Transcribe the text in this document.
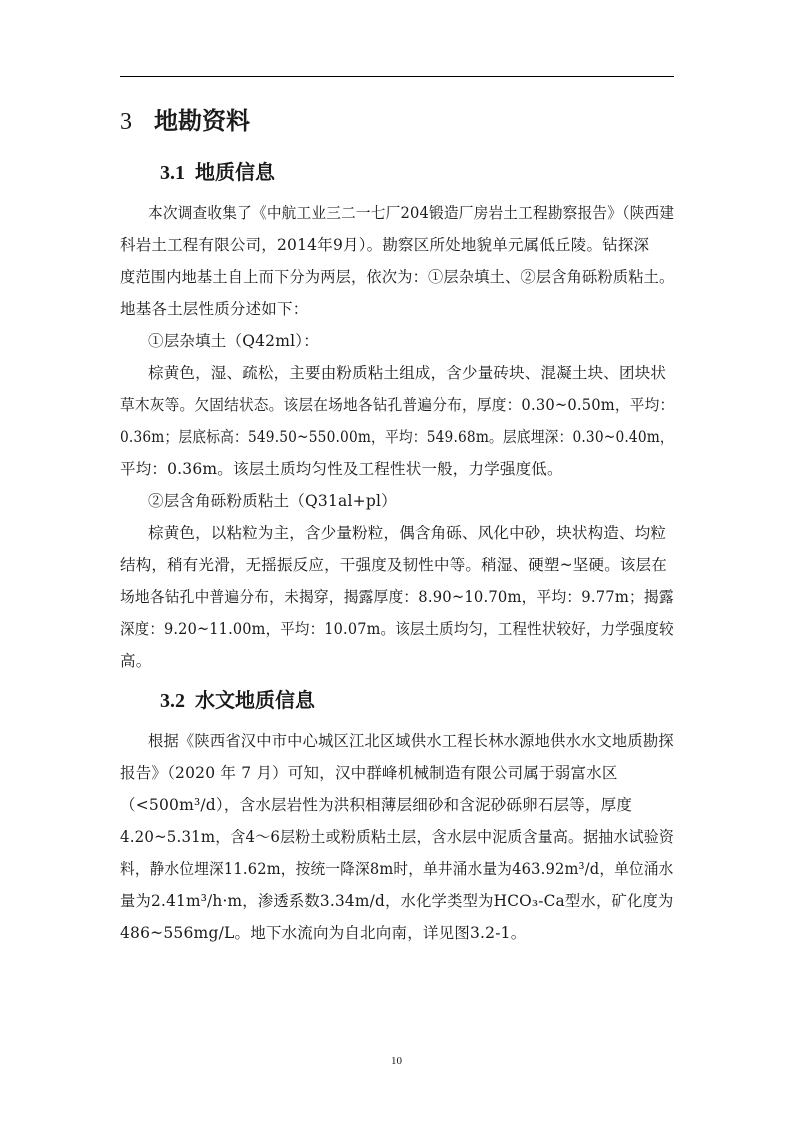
3 地勘资料
3.1 地质信息
本次调查收集了《中航工业三二一七厂204锻造厂房岩土工程勘察报告》（陕西建
科岩土工程有限公司，2014年9月）。勘察区所处地貌单元属低丘陵。钻探深
度范围内地基土自上而下分为两层，依次为：①层杂填土、②层含角砾粉质粘土。
地基各土层性质分述如下：
①层杂填土（Q42ml）：
棕黄色，湿、疏松，主要由粉质粘土组成，含少量砖块、混凝土块、团块状
草木灰等。欠固结状态。该层在场地各钻孔普遍分布，厚度：0.30~0.50m，平均：
0.36m；层底标高：549.50~550.00m，平均：549.68m。层底埋深：0.30~0.40m，
平均：0.36m。该层土质均匀性及工程性状一般，力学强度低。
②层含角砾粉质粘土（Q31al+pl）
棕黄色，以粘粒为主，含少量粉粒，偶含角砾、风化中砂，块状构造、均粒
结构，稍有光滑，无摇振反应，干强度及韧性中等。稍湿、硬塑~坚硬。该层在
场地各钻孔中普遍分布，未揭穿，揭露厚度：8.90~10.70m，平均：9.77m；揭露
深度：9.20~11.00m，平均：10.07m。该层土质均匀，工程性状较好，力学强度较
高。
3.2 水文地质信息
根据《陕西省汉中市中心城区江北区域供水工程长林水源地供水水文地质勘探
报告》（2020 年 7 月）可知，汉中群峰机械制造有限公司属于弱富水区
（<500m³/d），含水层岩性为洪积相薄层细砂和含泥砂砾卵石层等，厚度
4.20~5.31m，含4～6层粉土或粉质粘土层，含水层中泥质含量高。据抽水试验资
料，静水位埋深11.62m，按统一降深8m时，单井涌水量为463.92m³/d，单位涌水
量为2.41m³/h·m，渗透系数3.34m/d，水化学类型为HCO₃-Ca型水，矿化度为
486~556mg/L。地下水流向为自北向南，详见图3.2-1。
10
